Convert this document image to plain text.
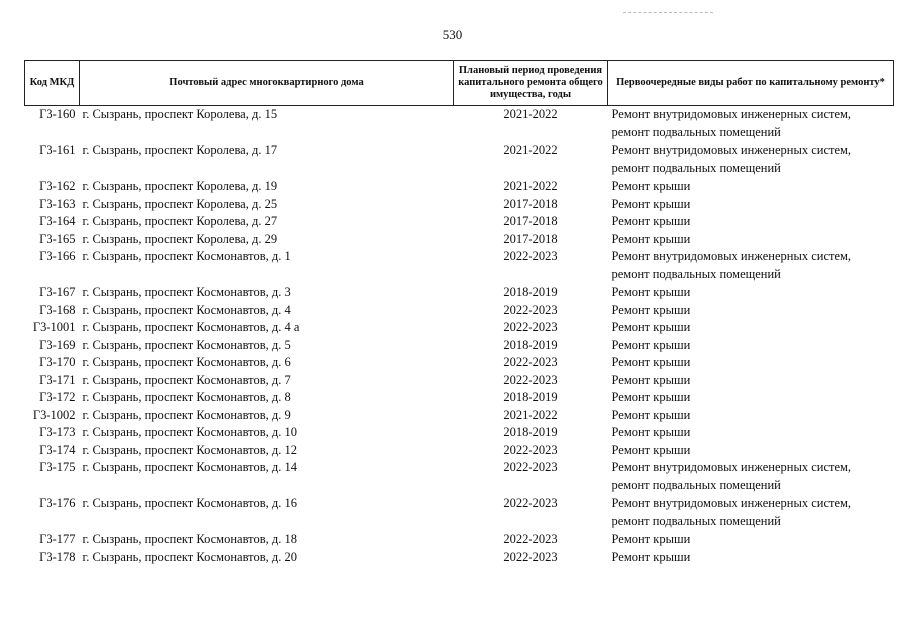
530
Код МКД	Почтовый адрес многоквартирного дома	Плановый период проведения капитального ремонта общего имущества, годы	Первоочередные виды работ по капитальному ремонту*
Г3-160	г. Сызрань, проспект Королева, д. 15	2021-2022	Ремонт внутридомовых инженерных систем,
ремонт подвальных помещений

Г3-161	г. Сызрань, проспект Королева, д. 17	2021-2022	Ремонт внутридомовых инженерных систем,
ремонт подвальных помещений

Г3-162	г. Сызрань, проспект Королева, д. 19	2021-2022	Ремонт крыши

Г3-163	г. Сызрань, проспект Королева, д. 25	2017-2018	Ремонт крыши

Г3-164	г. Сызрань, проспект Королева, д. 27	2017-2018	Ремонт крыши

Г3-165	г. Сызрань, проспект Королева, д. 29	2017-2018	Ремонт крыши

Г3-166	г. Сызрань, проспект Космонавтов, д. 1	2022-2023	Ремонт внутридомовых инженерных систем,
ремонт подвальных помещений

Г3-167	г. Сызрань, проспект Космонавтов, д. 3	2018-2019	Ремонт крыши

Г3-168	г. Сызрань, проспект Космонавтов, д. 4	2022-2023	Ремонт крыши

Г3-1001	г. Сызрань, проспект Космонавтов, д. 4 а	2022-2023	Ремонт крыши

Г3-169	г. Сызрань, проспект Космонавтов, д. 5	2018-2019	Ремонт крыши

Г3-170	г. Сызрань, проспект Космонавтов, д. 6	2022-2023	Ремонт крыши

Г3-171	г. Сызрань, проспект Космонавтов, д. 7	2022-2023	Ремонт крыши

Г3-172	г. Сызрань, проспект Космонавтов, д. 8	2018-2019	Ремонт крыши

Г3-1002	г. Сызрань, проспект Космонавтов, д. 9	2021-2022	Ремонт крыши

Г3-173	г. Сызрань, проспект Космонавтов, д. 10	2018-2019	Ремонт крыши

Г3-174	г. Сызрань, проспект Космонавтов, д. 12	2022-2023	Ремонт крыши

Г3-175	г. Сызрань, проспект Космонавтов, д. 14	2022-2023	Ремонт внутридомовых инженерных систем,
ремонт подвальных помещений

Г3-176	г. Сызрань, проспект Космонавтов, д. 16	2022-2023	Ремонт внутридомовых инженерных систем,
ремонт подвальных помещений

Г3-177	г. Сызрань, проспект Космонавтов, д. 18	2022-2023	Ремонт крыши

Г3-178	г. Сызрань, проспект Космонавтов, д. 20	2022-2023	Ремонт крыши
